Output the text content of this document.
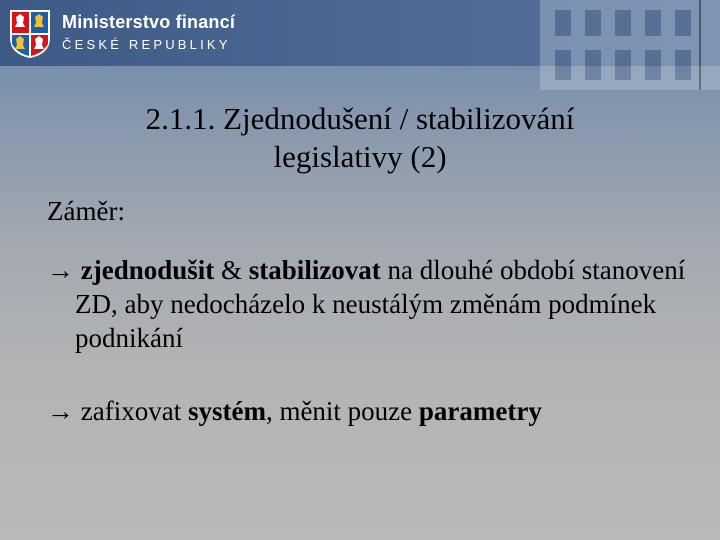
Ministerstvo financí
ČESKÉ REPUBLIKY
2.1.1. Zjednodušení / stabilizování
legislativy (2)
Záměr:
→ zjednodušit & stabilizovat na dlouhé období stanovení ZD, aby nedocházelo k neustálým změnám podmínek podnikání
→ zafixovat systém, měnit pouze parametry
